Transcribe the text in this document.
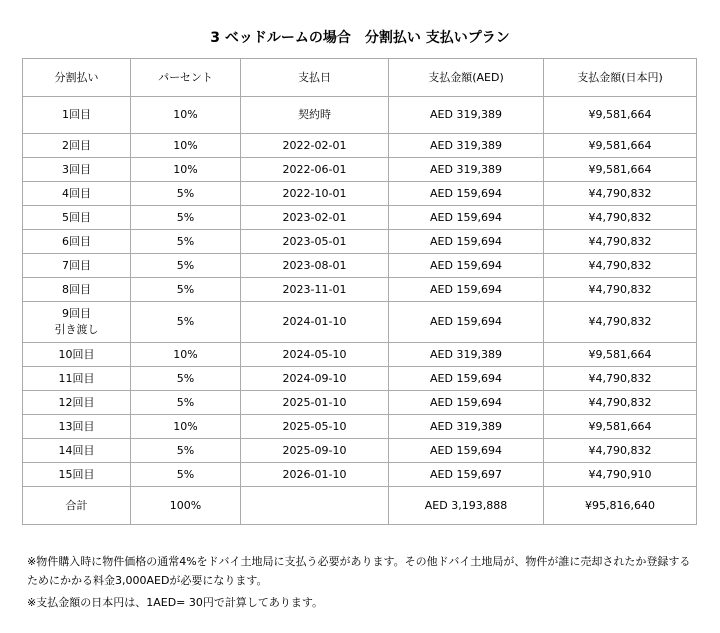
3 ベッドルームの場合　分割払い 支払いプラン
分割払い	パーセント	支払日	支払金額(AED)	支払金額(日本円)
1回目	10%	契約時	AED 319,389	¥9,581,664
2回目	10%	2022-02-01	AED 319,389	¥9,581,664
3回目	10%	2022-06-01	AED 319,389	¥9,581,664
4回目	5%	2022-10-01	AED 159,694	¥4,790,832
5回目	5%	2023-02-01	AED 159,694	¥4,790,832
6回目	5%	2023-05-01	AED 159,694	¥4,790,832
7回目	5%	2023-08-01	AED 159,694	¥4,790,832
8回目	5%	2023-11-01	AED 159,694	¥4,790,832
9回目
引き渡し	5%	2024-01-10	AED 159,694	¥4,790,832
10回目	10%	2024-05-10	AED 319,389	¥9,581,664
11回目	5%	2024-09-10	AED 159,694	¥4,790,832
12回目	5%	2025-01-10	AED 159,694	¥4,790,832
13回目	10%	2025-05-10	AED 319,389	¥9,581,664
14回目	5%	2025-09-10	AED 159,694	¥4,790,832
15回目	5%	2026-01-10	AED 159,697	¥4,790,910
合計	100%		AED 3,193,888	¥95,816,640

※物件購入時に物件価格の通常4%をドバイ土地局に支払う必要があります。その他ドバイ土地局が、物件が誰に売却されたか登録するためにかかる料金3,000AEDが必要になります。

※支払金額の日本円は、1AED= 30円で計算してあります。
